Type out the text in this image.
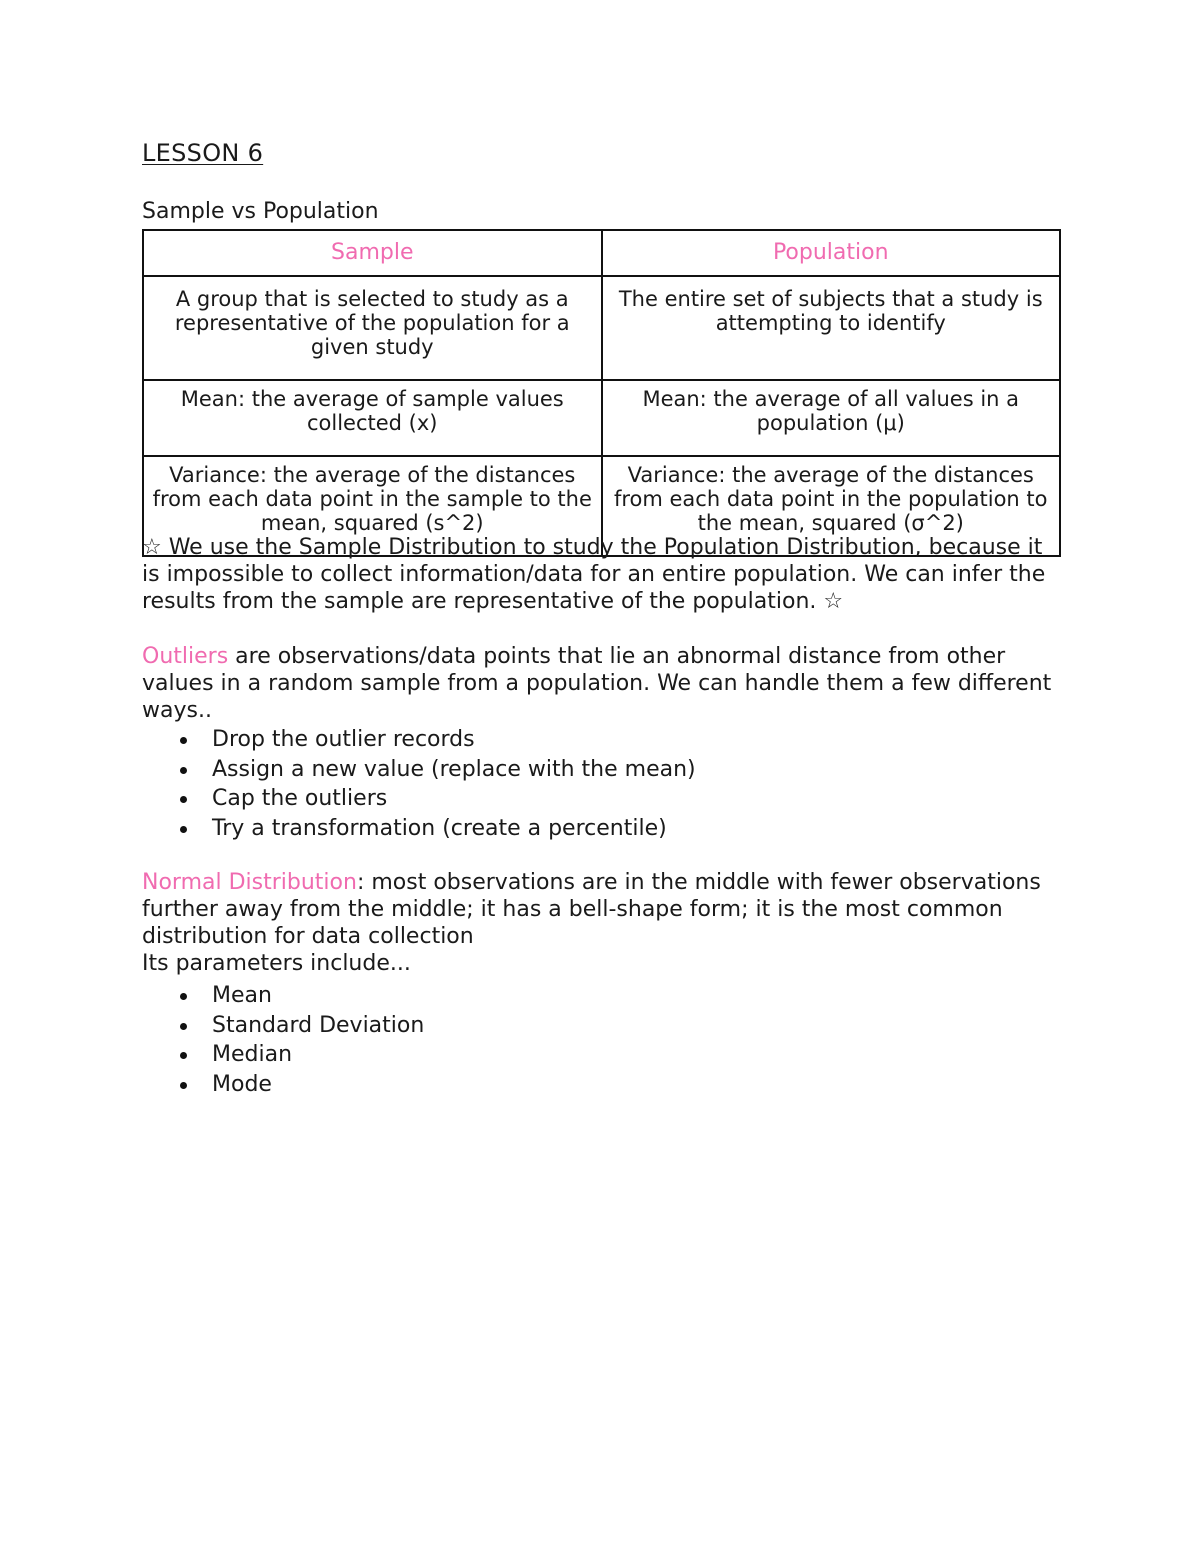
LESSON 6
Sample vs Population
Sample	Population
A group that is selected to study as a representative of the population for a given study	The entire set of subjects that a study is attempting to identify
Mean: the average of sample values collected (x)	Mean: the average of all values in a population (μ)
Variance: the average of the distances from each data point in the sample to the mean, squared (s^2)	Variance: the average of the distances from each data point in the population to the mean, squared (σ^2)

☆ We use the Sample Distribution to study the Population Distribution, because it is impossible to collect information/data for an entire population. We can infer the results from the sample are representative of the population. ☆

Outliers are observations/data points that lie an abnormal distance from other values in a random sample from a population. We can handle them a few different ways..

Drop the outlier records
Assign a new value (replace with the mean)
Cap the outliers
Try a transformation (create a percentile)

Normal Distribution: most observations are in the middle with fewer observations further away from the middle; it has a bell-shape form; it is the most common distribution for data collection
Its parameters include...

Mean
Standard Deviation
Median
Mode
